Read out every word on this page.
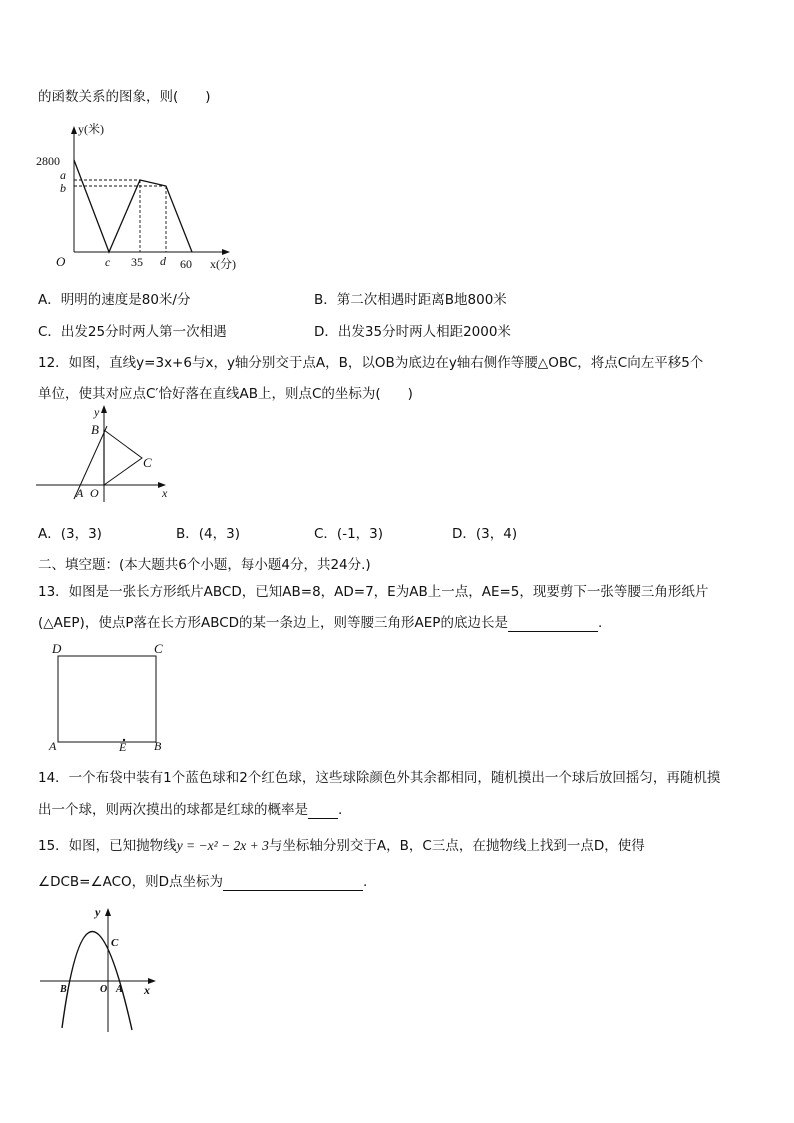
的函数关系的图象，则(　　)
y(米)
2800
a
b
O	c 35 d 60 x(分)
A．明明的速度是80米/分	B．第二次相遇时距离B地800米
C．出发25分时两人第一次相遇	D．出发35分时两人相距2000米
12．如图，直线y=3x+6与x，y轴分别交于点A，B，以OB为底边在y轴右侧作等腰△OBC，将点C向左平移5个
单位，使其对应点C′恰好落在直线AB上，则点C的坐标为(　　)
y
B
C
A O	x
A．(3，3)	B．(4，3)	C．(-1，3)	D．(3，4)
二、填空题：(本大题共6个小题，每小题4分，共24分.)
13．如图是一张长方形纸片ABCD，已知AB=8，AD=7，E为AB上一点，AE=5，现要剪下一张等腰三角形纸片
(△AEP)，使点P落在长方形ABCD的某一条边上，则等腰三角形AEP的底边长是	.
D	C
A	E B
14．一个布袋中装有1个蓝色球和2个红色球，这些球除颜色外其余都相同，随机摸出一个球后放回摇匀，再随机摸
出一个球，则两次摸出的球都是红球的概率是 .
15．如图，已知抛物线y = −x² − 2x + 3与坐标轴分别交于A，B，C三点，在抛物线上找到一点D，使得
∠DCB=∠ACO，则D点坐标为	.
y
C
B	O A x
